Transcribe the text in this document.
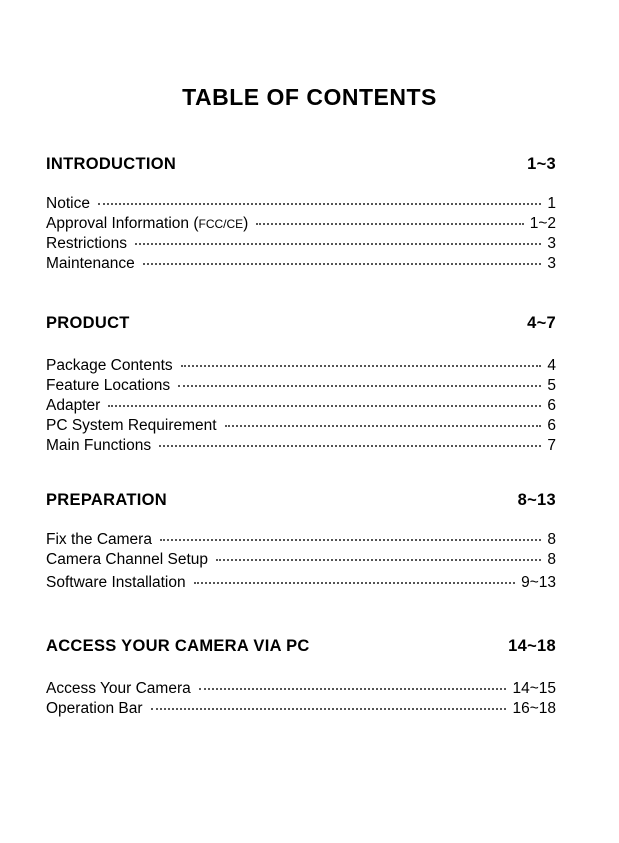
TABLE OF CONTENTS
INTRODUCTION	1~3
Notice	1
Approval Information (FCC/CE)	1~2
Restrictions	3
Maintenance	3
PRODUCT	4~7
Package Contents	4
Feature Locations	5
Adapter	6
PC System Requirement	6
Main Functions	7
PREPARATION	8~13
Fix the Camera	8
Camera Channel Setup	8
Software Installation	9~13
ACCESS YOUR CAMERA VIA PC	14~18
Access Your Camera	14~15
Operation Bar	16~18
